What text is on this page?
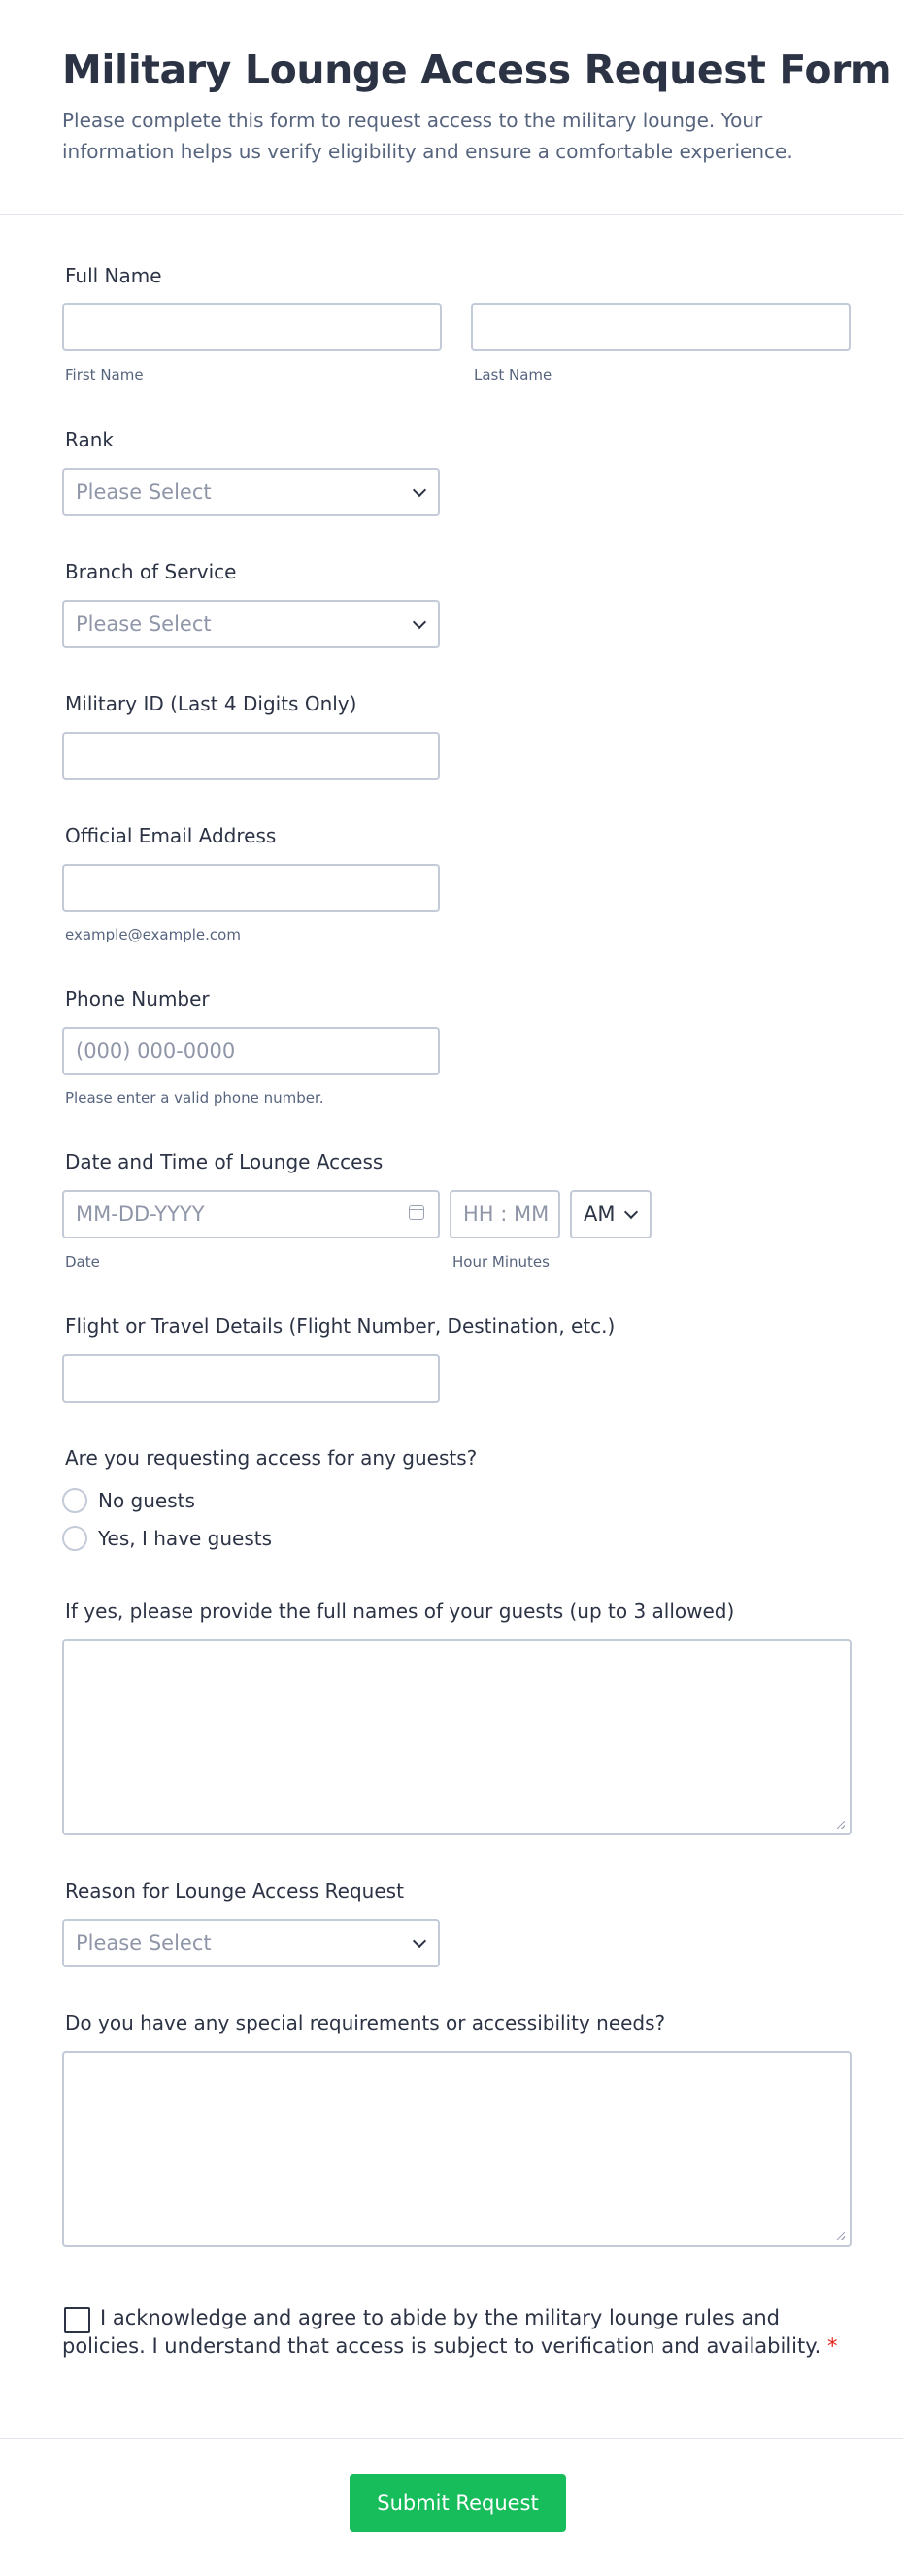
Military Lounge Access Request Form

Please complete this form to request access to the military lounge. Your information helps us verify eligibility and ensure a comfortable experience.

Full Name
First Name	Last Name
Rank
Please Select
Branch of Service
Please Select
Military ID (Last 4 Digits Only)
Official Email Address
example@example.com
Phone Number
(000) 000-0000
Please enter a valid phone number.
Date and Time of Lounge Access
MM-DD-YYYY	HH : MM AM
Date	Hour Minutes
Flight or Travel Details (Flight Number, Destination, etc.)
Are you requesting access for any guests?
No guests
Yes, I have guests
If yes, please provide the full names of your guests (up to 3 allowed)
Reason for Lounge Access Request
Please Select
Do you have any special requirements or accessibility needs?
I acknowledge and agree to abide by the military lounge rules and
policies. I understand that access is subject to verification and availability. *
Submit Request
